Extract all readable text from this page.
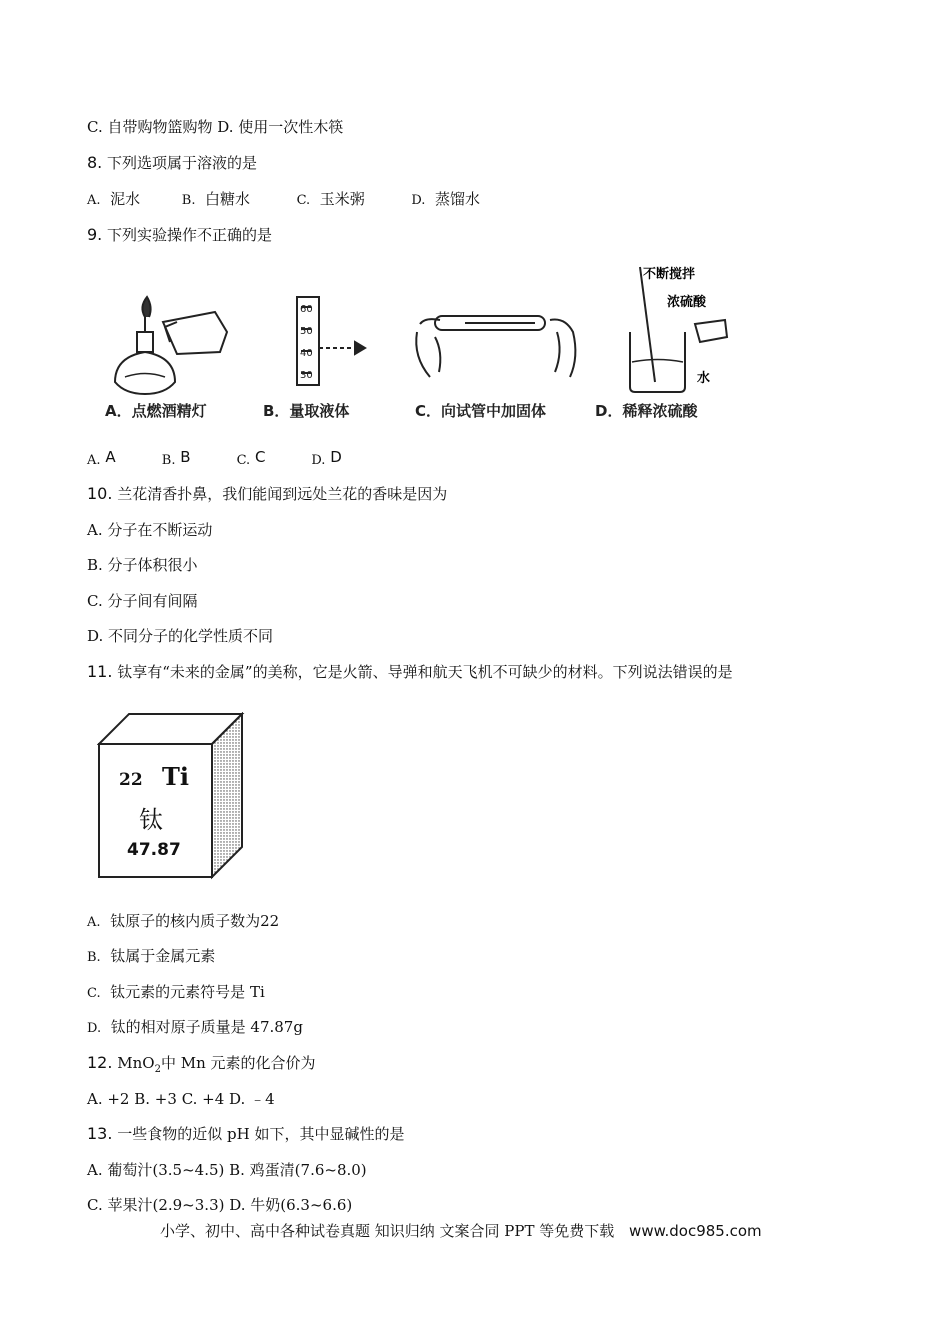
C. 自带购物篮购物 D. 使用一次性木筷
8. 下列选项属于溶液的是
A. 泥水	B. 白糖水	C. 玉米粥	D. 蒸馏水
9. 下列实验操作不正确的是
60
50
40
30
不断搅拌
浓硫酸
水
A．点燃酒精灯	B．量取液体	C．向试管中加固体	D．稀释浓硫酸
A. A	B. B	C. C	D. D
10. 兰花清香扑鼻，我们能闻到远处兰花的香味是因为
A. 分子在不断运动
B. 分子体积很小
C. 分子间有间隔
D. 不同分子的化学性质不同
11. 钛享有“未来的金属”的美称，它是火箭、导弹和航天飞机不可缺少的材料。下列说法错误的是
22 Ti
钛
47.87
A. 钛原子的核内质子数为22
B. 钛属于金属元素
C. 钛元素的元素符号是 Ti
D. 钛的相对原子质量是 47.87g
12. MnO$_2$中 Mn 元素的化合价为
A. +2 B. +3 C. +4 D. ﹣4
13. 一些食物的近似 pH 如下，其中显碱性的是
A. 葡萄汁(3.5~4.5) B. 鸡蛋清(7.6~8.0)
C. 苹果汁(2.9~3.3) D. 牛奶(6.3~6.6)
小学、初中、高中各种试卷真题 知识归纳 文案合同 PPT 等免费下载 www.doc985.com
